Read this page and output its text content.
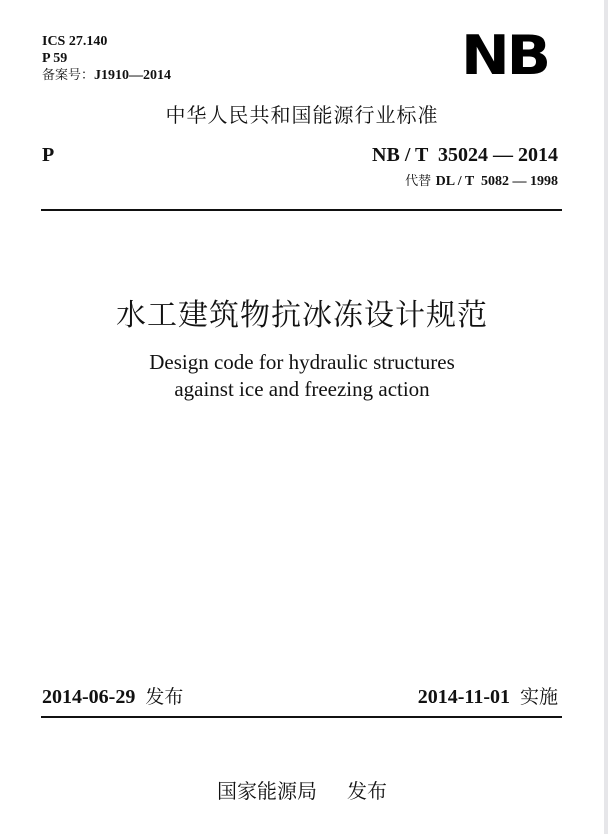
ICS 27.140
P 59
备案号：J1910—2014	NB
中华人民共和国能源行业标准
P	NB / T  35024 — 2014
代替 DL / T  5082 — 1998
水工建筑物抗冰冻设计规范
Design code for hydraulic structures
against ice and freezing action
2014-06-29 发布	2014-11-01 实施
国家能源局 发布
